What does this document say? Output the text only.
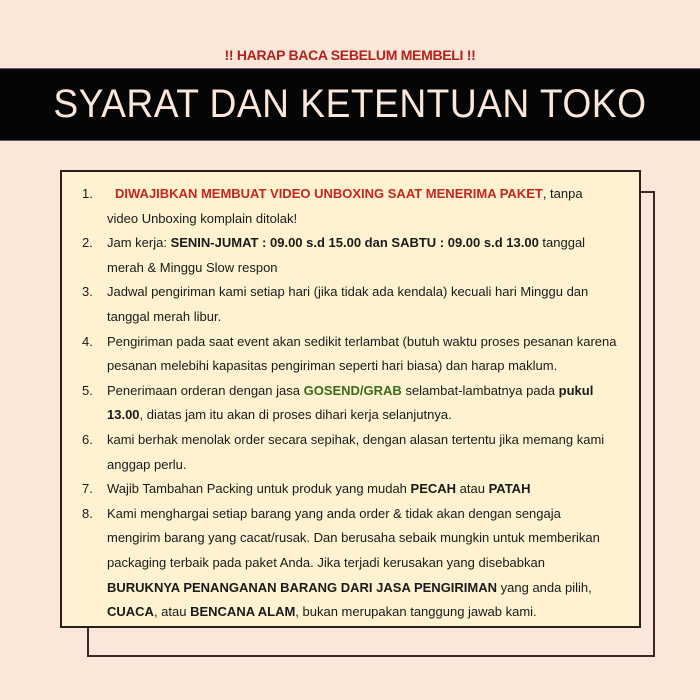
!! HARAP BACA SEBELUM MEMBELI !!
SYARAT DAN KETENTUAN TOKO
1.	DIWAJIBKAN MEMBUAT VIDEO UNBOXING SAAT MENERIMA PAKET, tanpa video Unboxing komplain ditolak!
2.	Jam kerja: SENIN-JUMAT : 09.00 s.d 15.00 dan SABTU : 09.00 s.d 13.00 tanggal merah & Minggu Slow respon
3.	Jadwal pengiriman kami setiap hari (jika tidak ada kendala) kecuali hari Minggu dan tanggal merah libur.
4.	Pengiriman pada saat event akan sedikit terlambat (butuh waktu proses pesanan karena pesanan melebihi kapasitas pengiriman seperti hari biasa) dan harap maklum.
5.	Penerimaan orderan dengan jasa GOSEND/GRAB selambat-lambatnya pada pukul 13.00, diatas jam itu akan di proses dihari kerja selanjutnya.
6.	kami berhak menolak order secara sepihak, dengan alasan tertentu jika memang kami anggap perlu.
7.	Wajib Tambahan Packing untuk produk yang mudah PECAH atau PATAH
8.	Kami menghargai setiap barang yang anda order & tidak akan dengan sengaja mengirim barang yang cacat/rusak. Dan berusaha sebaik mungkin untuk memberikan packaging terbaik pada paket Anda. Jika terjadi kerusakan yang disebabkan BURUKNYA PENANGANAN BARANG DARI JASA PENGIRIMAN yang anda pilih, CUACA, atau BENCANA ALAM, bukan merupakan tanggung jawab kami.
